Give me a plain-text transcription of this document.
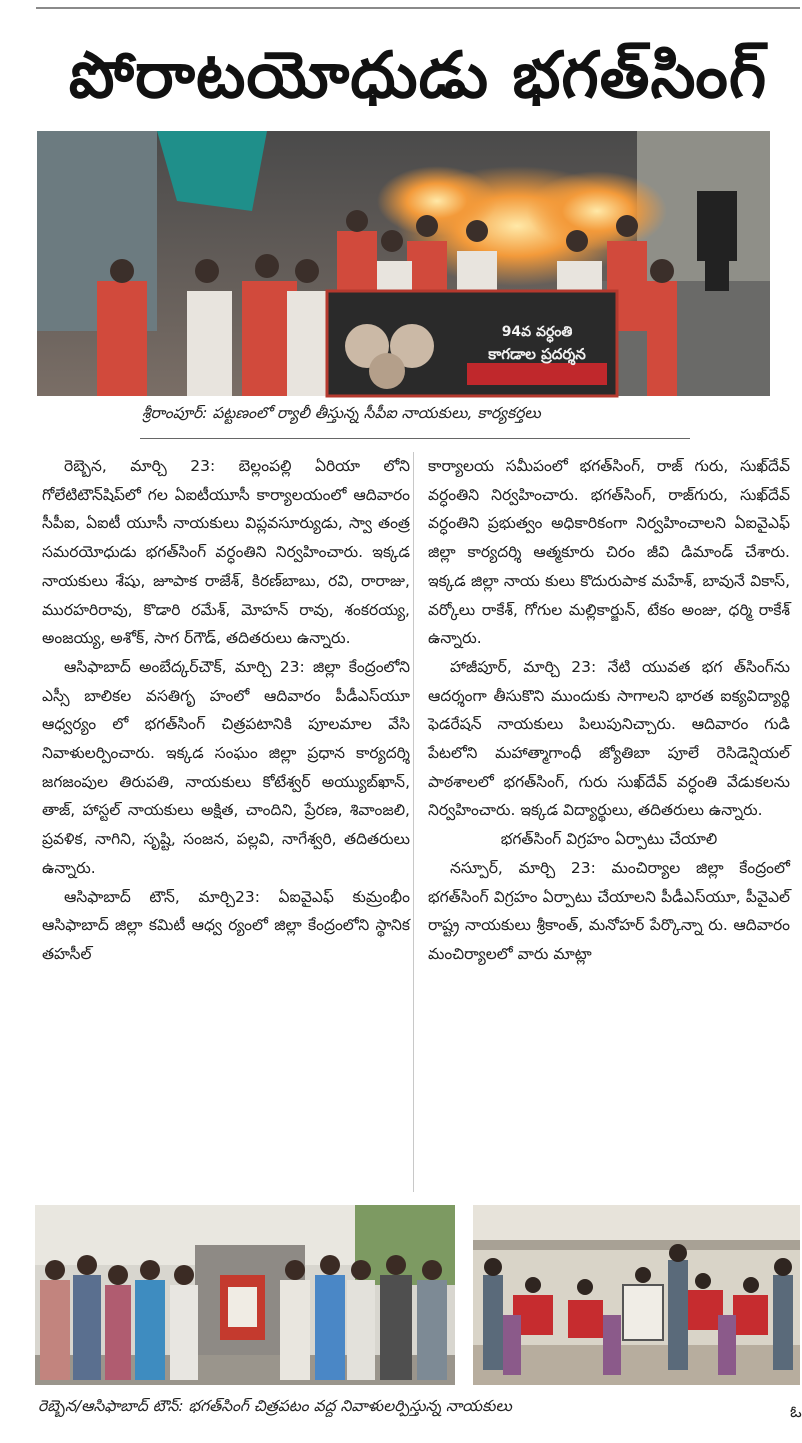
పోరాటయోధుడు భగత్‌సింగ్
94వ వర్ధంతి
కాగడాల ప్రదర్శన
శ్రీరాంపూర్: పట్టణంలో ర్యాలీ తీస్తున్న సీపీఐ నాయకులు, కార్యకర్తలు

రెబ్బెన, మార్చి 23: బెల్లంపల్లి ఏరియా లోని గోలేటిటౌన్‌షిప్‌లో గల ఏఐటీయూసీ కార్యాలయంలో ఆదివారం సీపీఐ, ఏఐటీ యూసీ నాయకులు విప్లవసూర్యుడు, స్వా తంత్ర సమరయోధుడు భగత్‌సింగ్ వర్ధంతిని నిర్వహించారు. ఇక్కడ నాయకులు శేషు, జూపాక రాజేశ్, కిరణ్‌బాబు, రవి, రారాజు, మురహరిరావు, కొడారి రమేశ్, మోహన్ రావు, శంకరయ్య, అంజయ్య, అశోక్, సాగ ర్‌గౌడ్, తదితరులు ఉన్నారు.

ఆసిఫాబాద్ అంబేద్కర్‌చౌక్, మార్చి 23: జిల్లా కేంద్రంలోని ఎస్సీ బాలికల వసతిగృ హంలో ఆదివారం పీడీఎస్‌యూ ఆధ్వర్యం లో భగత్‌సింగ్ చిత్రపటానికి పూలమాల వేసి నివాళులర్పించారు. ఇక్కడ సంఘం జిల్లా ప్రధాన కార్యదర్శి జగజంపుల తిరుపతి, నాయకులు కోటేశ్వర్ అయ్యుబ్‌ఖాన్, తాజ్, హాస్టల్ నాయకులు అక్షిత, చాందిని, ప్రేరణ, శివాంజలి, ప్రవళిక, నాగిని, సృష్టి, సంజన, పల్లవి, నాగేశ్వరి, తదితరులు ఉన్నారు.

ఆసిఫాబాద్ టౌన్, మార్చి23: ఏఐవైఎఫ్ కుమ్రంభీం ఆసిఫాబాద్ జిల్లా కమిటీ ఆధ్వ ర్యంలో జిల్లా కేంద్రంలోని స్థానిక తహసీల్

కార్యాలయ సమీపంలో భగత్‌సింగ్, రాజ్ గురు, సుఖ్‌దేవ్ వర్ధంతిని నిర్వహించారు. భగత్‌సింగ్, రాజ్‌గురు, సుఖ్‌దేవ్ వర్ధంతిని ప్రభుత్వం అధికారికంగా నిర్వహించాలని ఏఐవైఎఫ్ జిల్లా కార్యదర్శి ఆత్మకూరు చిరం జీవి డిమాండ్ చేశారు. ఇక్కడ జిల్లా నాయ కులు కొదురుపాక మహేశ్, బావునే వికాస్, వర్కోలు రాకేశ్, గోగుల మల్లికార్జున్, టేకం అంజు, ధర్మి రాకేశ్ ఉన్నారు.

హాజీపూర్, మార్చి 23: నేటి యువత భగ త్‌సింగ్‌ను ఆదర్శంగా తీసుకొని ముందుకు సాగాలని భారత ఐక్యవిద్యార్థి ఫెడరేషన్ నాయకులు పిలుపునిచ్చారు. ఆదివారం గుడి పేటలోని మహాత్మాగాంధీ జ్యోతిబా పూలే రెసిడెన్షియల్ పాఠశాలలో భగత్‌సింగ్, గురు సుఖ్‌దేవ్ వర్ధంతి వేడుకలను నిర్వహించారు. ఇక్కడ విద్యార్థులు, తదితరులు ఉన్నారు.

భగత్‌సింగ్ విగ్రహం ఏర్పాటు చేయాలి

నస్పూర్, మార్చి 23: మంచిర్యాల జిల్లా కేంద్రంలో భగత్‌సింగ్ విగ్రహం ఏర్పాటు చేయాలని పీడీఎస్‌యూ, పీవైఎల్ రాష్ట్ర నాయకులు శ్రీకాంత్, మనోహర్ పేర్కొన్నా రు. ఆదివారం మంచిర్యాలలో వారు మాట్లా

రెబ్బెన/ఆసిఫాబాద్ టౌన్: భగత్‌సింగ్ చిత్రపటం వద్ద నివాళులర్పిస్తున్న నాయకులు	ఓ
